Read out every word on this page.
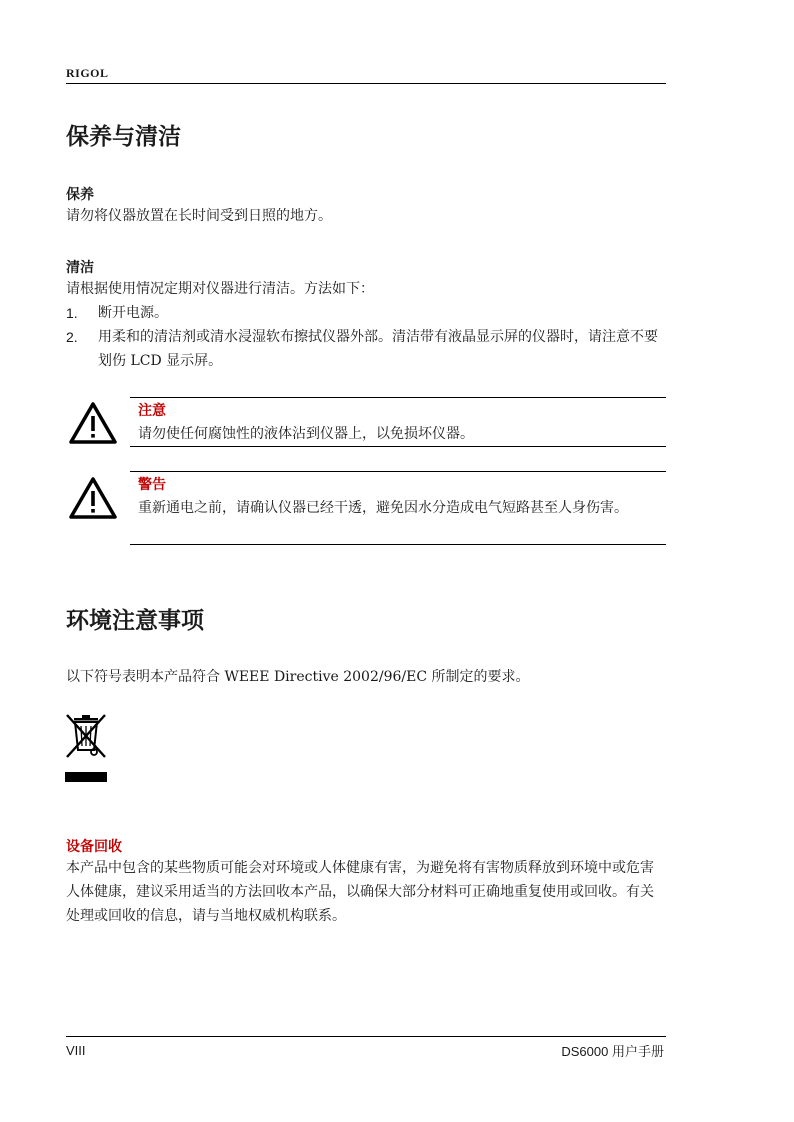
RIGOL
保养与清洁
保养
请勿将仪器放置在长时间受到日照的地方。
清洁
请根据使用情况定期对仪器进行清洁。方法如下：
1. 断开电源。
2. 用柔和的清洁剂或清水浸湿软布擦拭仪器外部。清洁带有液晶显示屏的仪器时，请注意不要划伤 LCD 显示屏。
注意
请勿使任何腐蚀性的液体沾到仪器上，以免损坏仪器。
警告
重新通电之前，请确认仪器已经干透，避免因水分造成电气短路甚至人身伤害。
环境注意事项
以下符号表明本产品符合 WEEE Directive 2002/96/EC 所制定的要求。
设备回收
本产品中包含的某些物质可能会对环境或人体健康有害，为避免将有害物质释放到环境中或危害人体健康，建议采用适当的方法回收本产品，以确保大部分材料可正确地重复使用或回收。有关处理或回收的信息，请与当地权威机构联系。
VIII	DS6000 用户手册
